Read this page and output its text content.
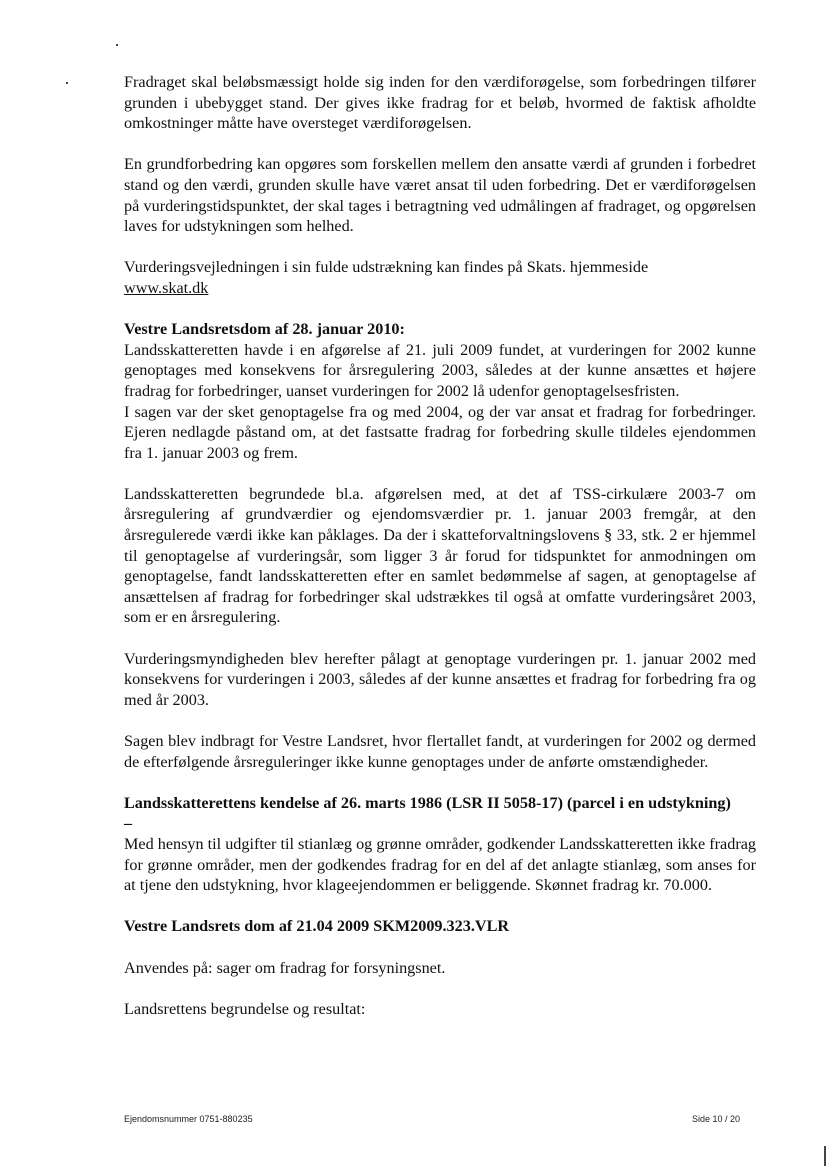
Fradraget skal beløbsmæssigt holde sig inden for den værdiforøgelse, som forbedringen tilfører grunden i ubebygget stand. Der gives ikke fradrag for et beløb, hvormed de faktisk afholdte omkostninger måtte have oversteget værdiforøgelsen.

En grundforbedring kan opgøres som forskellen mellem den ansatte værdi af grunden i forbedret stand og den værdi, grunden skulle have været ansat til uden forbedring. Det er værdiforøgelsen på vurderingstidspunktet, der skal tages i betragtning ved udmålingen af fradraget, og opgørelsen laves for udstykningen som helhed.

Vurderingsvejledningen i sin fulde udstrækning kan findes på Skats. hjemmeside
www.skat.dk

Vestre Landsretsdom af 28. januar 2010:

Landsskatteretten havde i en afgørelse af 21. juli 2009 fundet, at vurderingen for 2002 kunne genoptages med konsekvens for årsregulering 2003, således at der kunne ansættes et højere fradrag for forbedringer, uanset vurderingen for 2002 lå udenfor genoptagelsesfristen.

I sagen var der sket genoptagelse fra og med 2004, og der var ansat et fradrag for forbedringer. Ejeren nedlagde påstand om, at det fastsatte fradrag for forbedring skulle tildeles ejendommen fra 1. januar 2003 og frem.

Landsskatteretten begrundede bl.a. afgørelsen med, at det af TSS-cirkulære 2003-7 om årsregulering af grundværdier og ejendomsværdier pr. 1. januar 2003 fremgår, at den årsregulerede værdi ikke kan påklages. Da der i skatteforvaltningslovens § 33, stk. 2 er hjemmel til genoptagelse af vurderingsår, som ligger 3 år forud for tidspunktet for anmodningen om genoptagelse, fandt landsskatteretten efter en samlet bedømmelse af sagen, at genoptagelse af ansættelsen af fradrag for forbedringer skal udstrækkes til også at omfatte vurderingsåret 2003, som er en årsregulering.

Vurderingsmyndigheden blev herefter pålagt at genoptage vurderingen pr. 1. januar 2002 med konsekvens for vurderingen i 2003, således af der kunne ansættes et fradrag for forbedring fra og med år 2003.

Sagen blev indbragt for Vestre Landsret, hvor flertallet fandt, at vurderingen for 2002 og dermed de efterfølgende årsreguleringer ikke kunne genoptages under de anførte omstændigheder.

Landsskatterettens kendelse af 26. marts 1986 (LSR II 5058-17) (parcel i en udstykning)

–

Med hensyn til udgifter til stianlæg og grønne områder, godkender Landsskatteretten ikke fradrag for grønne områder, men der godkendes fradrag for en del af det anlagte stianlæg, som anses for at tjene den udstykning, hvor klageejendommen er beliggende. Skønnet fradrag kr. 70.000.

Vestre Landsrets dom af 21.04 2009 SKM2009.323.VLR

Anvendes på: sager om fradrag for forsyningsnet.

Landsrettens begrundelse og resultat:

Ejendomsnummer 0751-880235	Side 10 / 20
